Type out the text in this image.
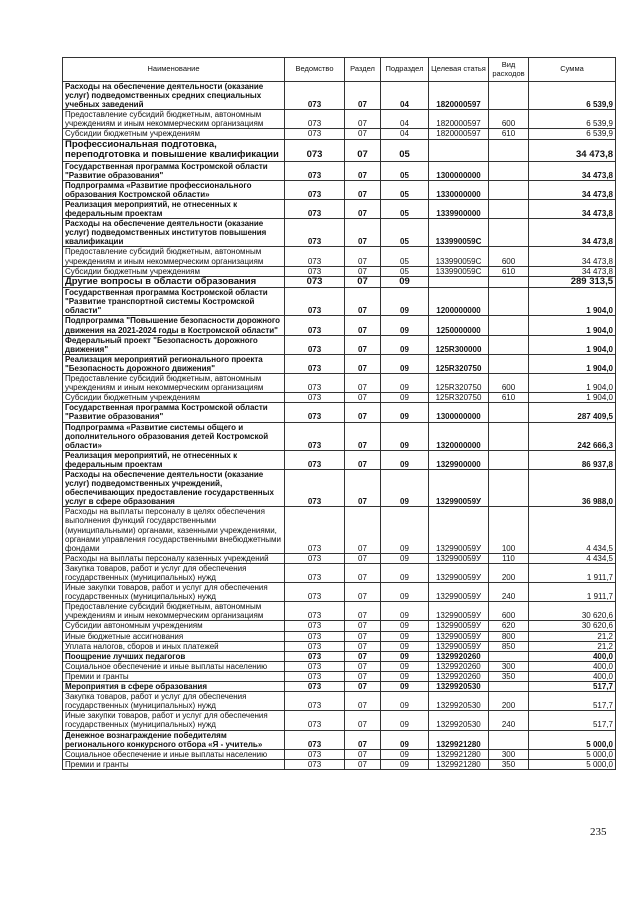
Наименование	Ведомство	Раздел	Подраздел	Целевая статья	Вид расходов	Сумма
Расходы на обеспечение деятельности (оказание услуг) подведомственных средних специальных учебных заведений	073	07	04	1820000597		6 539,9
Предоставление субсидий бюджетным, автономным учреждениям и иным некоммерческим организациям	073	07	04	1820000597	600	6 539,9
Субсидии бюджетным учреждениям	073	07	04	1820000597	610	6 539,9
Профессиональная подготовка, переподготовка и повышение квалификации	073	07	05			34 473,8
Государственная программа Костромской области "Развитие образования"	073	07	05	1300000000		34 473,8
Подпрограмма «Развитие профессионального образования Костромской области»	073	07	05	1330000000		34 473,8
Реализация мероприятий, не отнесенных к федеральным проектам	073	07	05	1339900000		34 473,8
Расходы на обеспечение деятельности (оказание услуг) подведомственных институтов повышения квалификации	073	07	05	133990059С		34 473,8
Предоставление субсидий бюджетным, автономным учреждениям и иным некоммерческим организациям	073	07	05	133990059С	600	34 473,8
Субсидии бюджетным учреждениям	073	07	05	133990059С	610	34 473,8
Другие вопросы в области образования	073	07	09			289 313,5
Государственная программа Костромской области "Развитие транспортной системы Костромской области"	073	07	09	1200000000		1 904,0
Подпрограмма "Повышение безопасности дорожного движения на 2021-2024 годы в Костромской области"	073	07	09	1250000000		1 904,0
Федеральный проект "Безопасность дорожного движения"	073	07	09	125R300000		1 904,0
Реализация мероприятий регионального проекта "Безопасность дорожного движения"	073	07	09	125R320750		1 904,0
Предоставление субсидий бюджетным, автономным учреждениям и иным некоммерческим организациям	073	07	09	125R320750	600	1 904,0
Субсидии бюджетным учреждениям	073	07	09	125R320750	610	1 904,0
Государственная программа Костромской области "Развитие образования"	073	07	09	1300000000		287 409,5
Подпрограмма «Развитие системы общего и дополнительного образования детей Костромской области»	073	07	09	1320000000		242 666,3
Реализация мероприятий, не отнесенных к федеральным проектам	073	07	09	1329900000		86 937,8
Расходы на обеспечение деятельности (оказание услуг) подведомственных учреждений, обеспечивающих предоставление государственных услуг в сфере образования	073	07	09	132990059У		36 988,0
Расходы на выплаты персоналу в целях обеспечения выполнения функций государственными (муниципальными) органами, казенными учреждениями, органами управления государственными внебюджетными фондами	073	07	09	132990059У	100	4 434,5
Расходы на выплаты персоналу казенных учреждений	073	07	09	132990059У	110	4 434,5
Закупка товаров, работ и услуг для обеспечения государственных (муниципальных) нужд	073	07	09	132990059У	200	1 911,7
Иные закупки товаров, работ и услуг для обеспечения государственных (муниципальных) нужд	073	07	09	132990059У	240	1 911,7
Предоставление субсидий бюджетным, автономным учреждениям и иным некоммерческим организациям	073	07	09	132990059У	600	30 620,6
Субсидии автономным учреждениям	073	07	09	132990059У	620	30 620,6
Иные бюджетные ассигнования	073	07	09	132990059У	800	21,2
Уплата налогов, сборов и иных платежей	073	07	09	132990059У	850	21,2
Поощрение лучших педагогов	073	07	09	1329920260		400,0
Социальное обеспечение и иные выплаты населению	073	07	09	1329920260	300	400,0
Премии и гранты	073	07	09	1329920260	350	400,0
Мероприятия в сфере образования	073	07	09	1329920530		517,7
Закупка товаров, работ и услуг для обеспечения государственных (муниципальных) нужд	073	07	09	1329920530	200	517,7
Иные закупки товаров, работ и услуг для обеспечения государственных (муниципальных) нужд	073	07	09	1329920530	240	517,7
Денежное вознаграждение победителям регионального конкурсного отбора «Я - учитель»	073	07	09	1329921280		5 000,0
Социальное обеспечение и иные выплаты населению	073	07	09	1329921280	300	5 000,0
Премии и гранты	073	07	09	1329921280	350	5 000,0
235
